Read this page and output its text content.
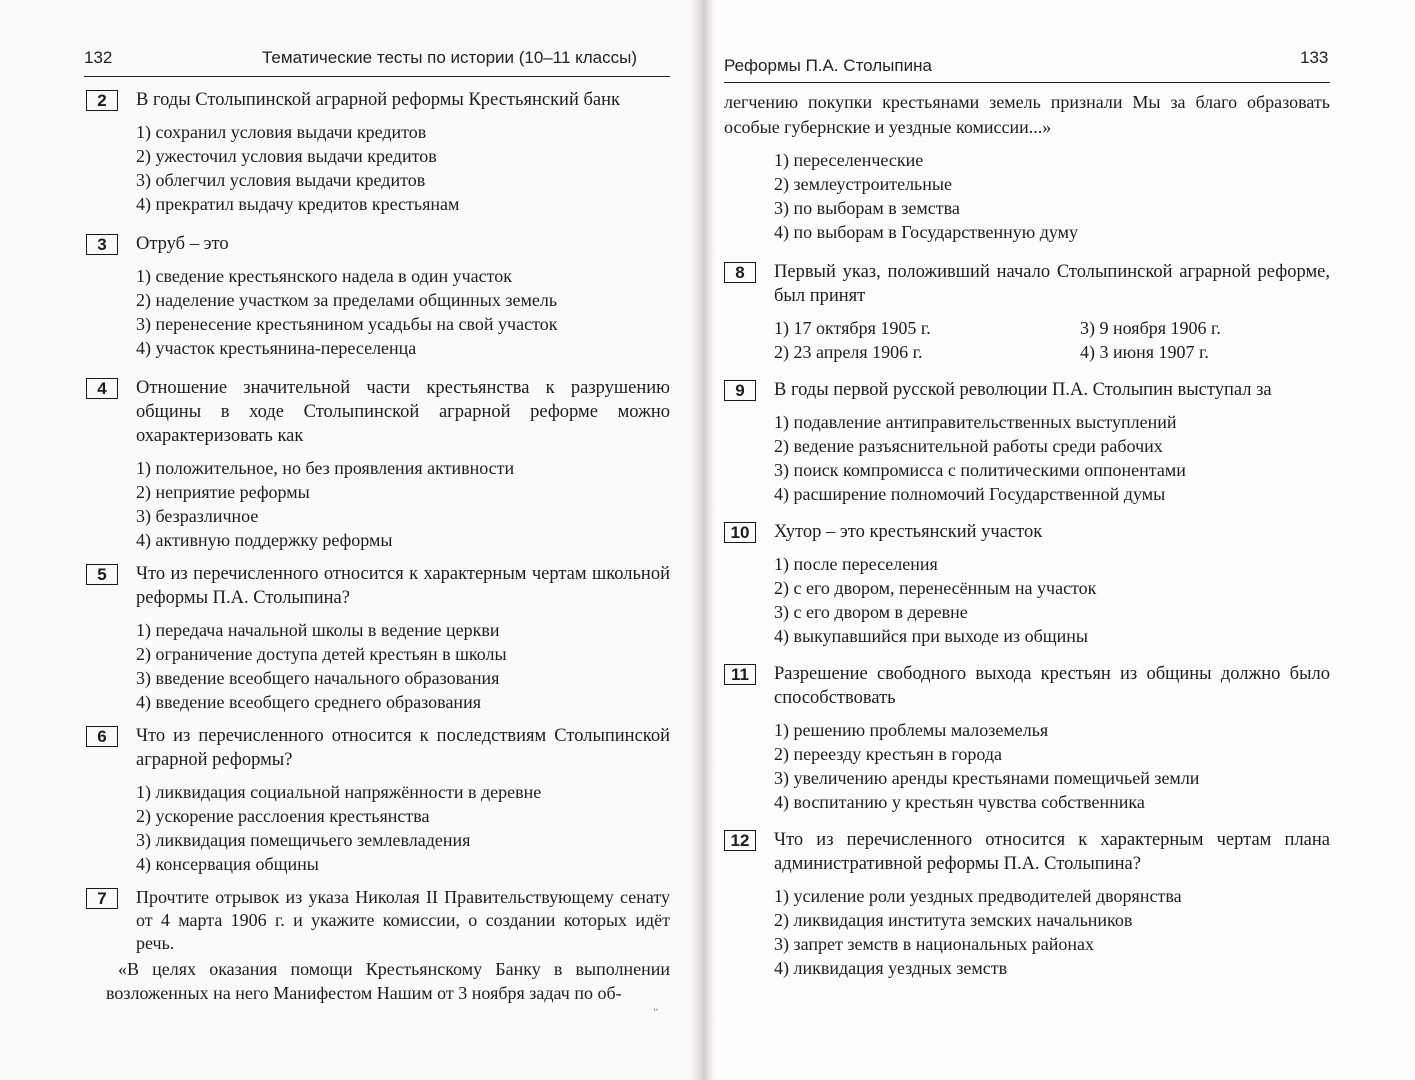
132	Тематические тесты по истории (10–11 классы)	Реформы П.А. Столыпина	133
2	В годы Столыпинской аграрной реформы Крестьянский банк
1) сохранил условия выдачи кредитов
2) ужесточил условия выдачи кредитов
3) облегчил условия выдачи кредитов
4) прекратил выдачу кредитов крестьянам
3	Отруб – это
1) сведение крестьянского надела в один участок
2) наделение участком за пределами общинных земель
3) перенесение крестьянином усадьбы на свой участок
4) участок крестьянина-переселенца
4	Отношение значительной части крестьянства к разрушению общины в ходе Столыпинской аграрной реформе можно охарактеризовать как
1) положительное, но без проявления активности
2) неприятие реформы
3) безразличное
4) активную поддержку реформы
5	Что из перечисленного относится к характерным чертам школьной реформы П.А. Столыпина?
1) передача начальной школы в ведение церкви
2) ограничение доступа детей крестьян в школы
3) введение всеобщего начального образования
4) введение всеобщего среднего образования
6	Что из перечисленного относится к последствиям Столыпинской аграрной реформы?
1) ликвидация социальной напряжённости в деревне
2) ускорение расслоения крестьянства
3) ликвидация помещичьего землевладения
4) консервация общины
7	Прочтите отрывок из указа Николая II Правительствующему сенату от 4 марта 1906 г. и укажите комиссии, о создании которых идёт речь.
«В целях оказания помощи Крестьянскому Банку в выполнении возложенных на него Манифестом Нашим от 3 ноября задач по об-
ᵕ
легчению покупки крестьянами земель признали Мы за благо образовать особые губернские и уездные комиссии...»
1) переселенческие
2) землеустроительные
3) по выборам в земства
4) по выборам в Государственную думу
8	Первый указ, положивший начало Столыпинской аграрной реформе, был принят
1) 17 октября 1905 г.	3) 9 ноября 1906 г.
2) 23 апреля 1906 г.	4) 3 июня 1907 г.
9	В годы первой русской революции П.А. Столыпин выступал за
1) подавление антиправительственных выступлений
2) ведение разъяснительной работы среди рабочих
3) поиск компромисса с политическими оппонентами
4) расширение полномочий Государственной думы
10	Хутор – это крестьянский участок
1) после переселения
2) с его двором, перенесённым на участок
3) с его двором в деревне
4) выкупавшийся при выходе из общины
11	Разрешение свободного выхода крестьян из общины должно было способствовать
1) решению проблемы малоземелья
2) переезду крестьян в города
3) увеличению аренды крестьянами помещичьей земли
4) воспитанию у крестьян чувства собственника
12	Что из перечисленного относится к характерным чертам плана административной реформы П.А. Столыпина?
1) усиление роли уездных предводителей дворянства
2) ликвидация института земских начальников
3) запрет земств в национальных районах
4) ликвидация уездных земств
